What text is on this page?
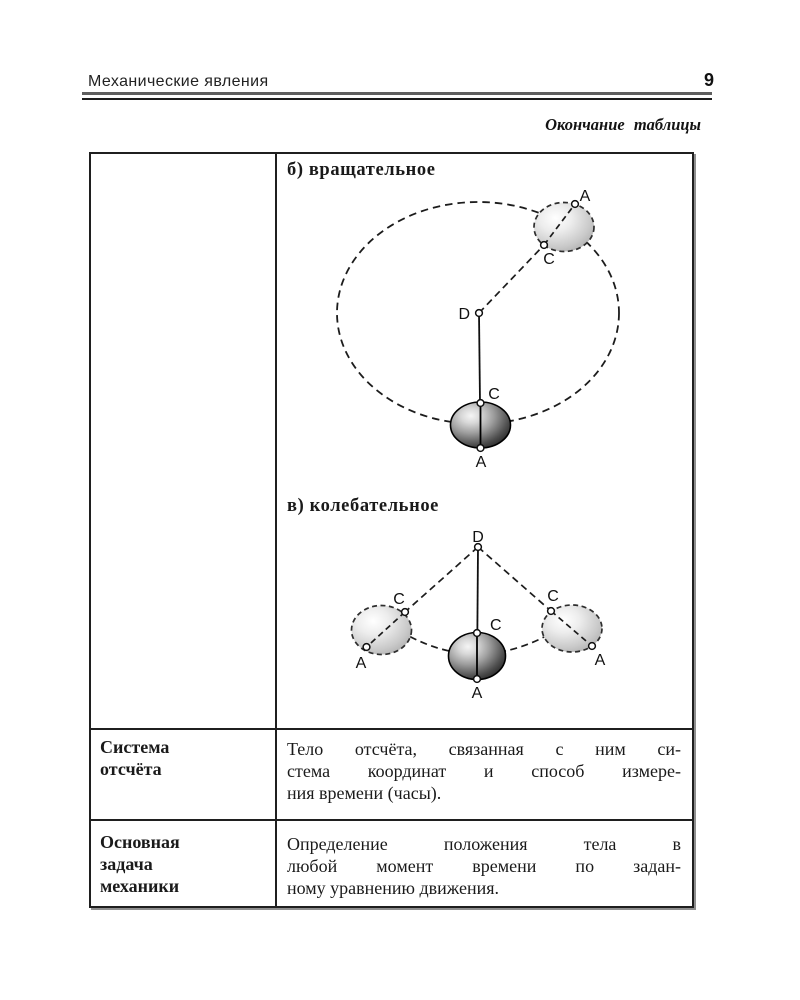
Механические явления	9
Окончание таблицы
б) вращательное
D
A
C
C
A
в) колебательное
D
C
A
C
A
C
A
Система
отсчёта
Тело отсчёта, связанная с ним си-
стема координат и способ измере-
ния времени (часы).
Основная
задача
механики
Определение положения тела в
любой момент времени по задан-
ному уравнению движения.
